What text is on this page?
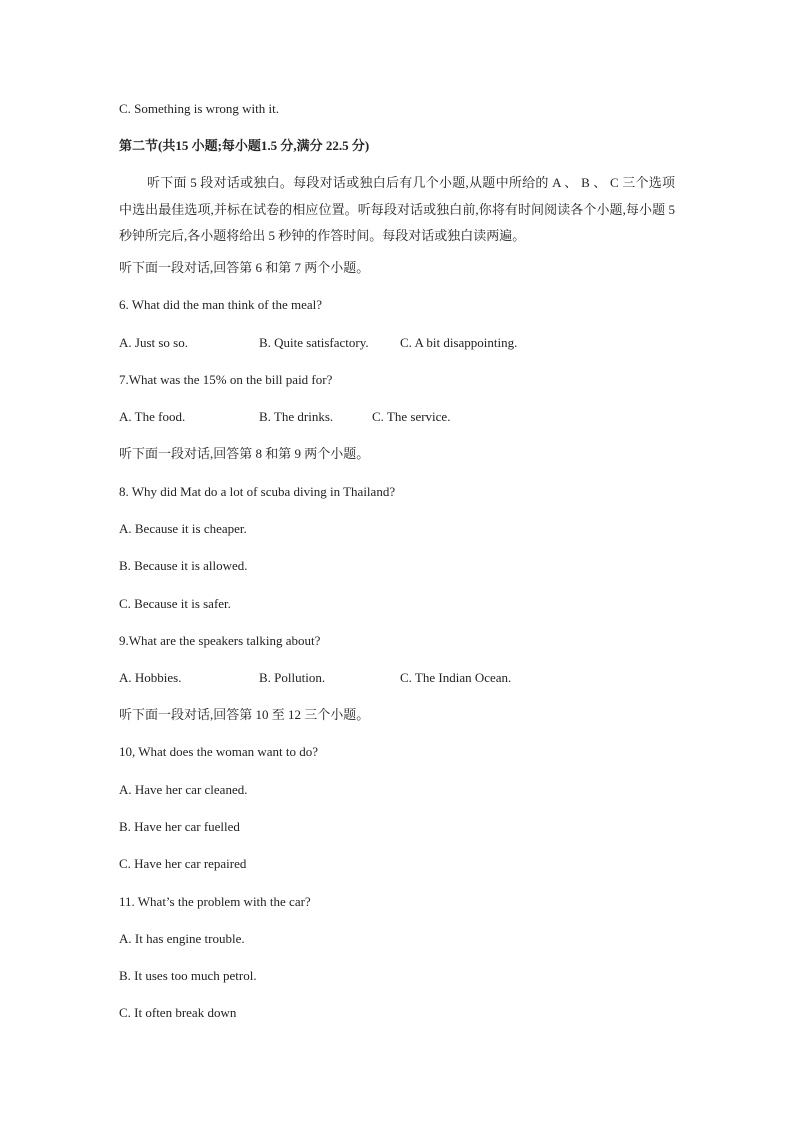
C. Something is wrong with it.
第二节(共15 小题;每小题1.5 分,满分 22.5 分)
听下面 5 段对话或独白。每段对话或独白后有几个小题,从题中所给的 A 、 B 、 C 三个选项中选出最佳选项,并标在试卷的相应位置。听每段对话或独白前,你将有时间阅读各个小题,每小题 5 秒钟所完后,各小题将给出 5 秒钟的作答时间。每段对话或独白读两遍。
听下面一段对话,回答第 6 和第 7 两个小题。
6. What did the man think of the meal?
A. Just so so.	B. Quite satisfactory. C. A bit disappointing.
7.What was the 15% on the bill paid for?
A. The food.	B. The drinks.	C. The service.
听下面一段对话,回答第 8 和第 9 两个小题。
8. Why did Mat do a lot of scuba diving in Thailand?
A. Because it is cheaper.
B. Because it is allowed.
C. Because it is safer.
9.What are the speakers talking about?
A. Hobbies.	B. Pollution.	C. The Indian Ocean.
听下面一段对话,回答第 10 至 12 三个小题。
10, What does the woman want to do?
A. Have her car cleaned.
B. Have her car fuelled
C. Have her car repaired
11. What’s the problem with the car?
A. It has engine trouble.
B. It uses too much petrol.
C. It often break down
